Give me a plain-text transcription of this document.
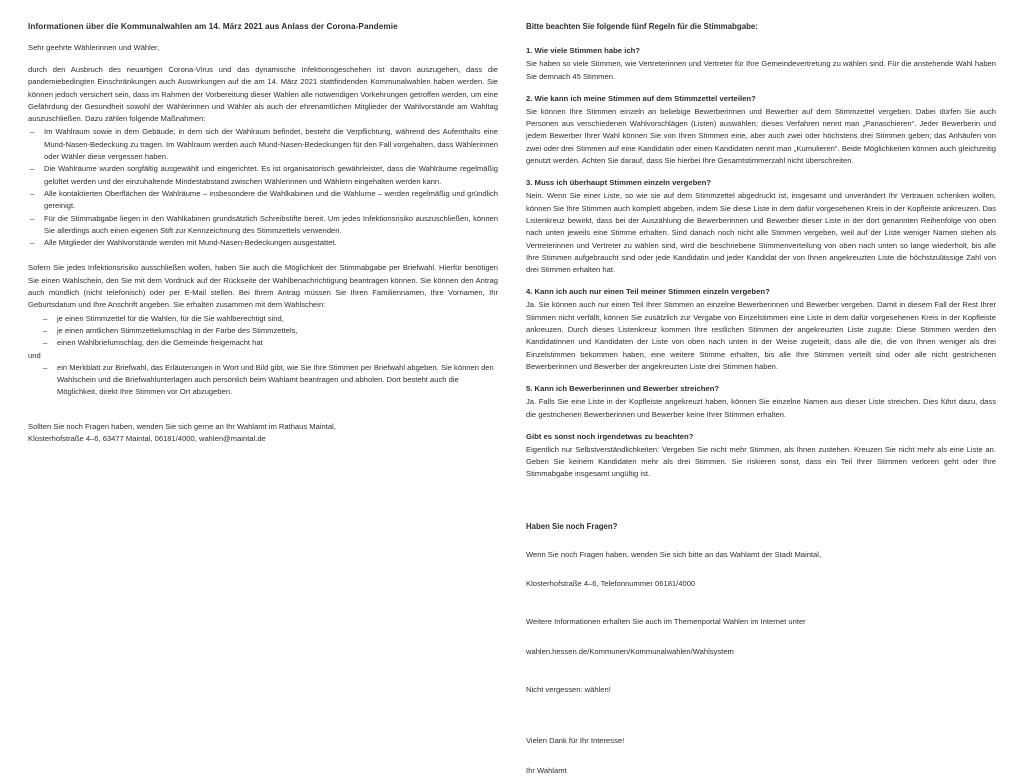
Informationen über die Kommunalwahlen am 14. März 2021 aus Anlass der Corona-Pandemie
Sehr geehrte Wählerinnen und Wähler,

durch den Ausbruch des neuartigen Corona-Virus und das dynamische Infektionsgeschehen ist davon auszugehen, dass die pandemiebedingten Einschränkungen auch Auswirkungen auf die am 14. März 2021 stattfindenden Kommunalwahlen haben werden. Sie können jedoch versichert sein, dass im Rahmen der Vorbereitung dieser Wahlen alle notwendigen Vorkehrungen getroffen werden, um eine Gefährdung der Gesundheit sowohl der Wählerinnen und Wähler als auch der ehrenamtlichen Mitglieder der Wahlvorstände am Wahltag auszuschließen. Dazu zählen folgende Maßnahmen:

– Im Wahlraum sowie in dem Gebäude, in dem sich der Wahlraum befindet, besteht die Verpflichtung, während des Aufenthalts eine Mund-Nasen-Bedeckung zu tragen. Im Wahlraum werden auch Mund-Nasen-Bedeckungen für den Fall vorgehalten, dass Wählerinnen oder Wähler diese vergessen haben.
– Die Wahlräume wurden sorgfältig ausgewählt und eingerichtet. Es ist organisatorisch gewährleistet, dass die Wahlräume regelmäßig gelüftet werden und der einzuhaltende Mindestabstand zwischen Wählerinnen und Wählern eingehalten werden kann.
– Alle kontaktierten Oberflächen der Wahlräume – insbesondere die Wahlkabinen und die Wahlurne – werden regelmäßig und gründlich gereinigt.
– Für die Stimmabgabe liegen in den Wahlkabinen grundsätzlich Schreibstifte bereit. Um jedes Infektionsrisiko auszuschließen, können Sie allerdings auch einen eigenen Stift zur Kennzeichnung des Stimmzettels verwenden.
– Alle Mitglieder der Wahlvorstände werden mit Mund-Nasen-Bedeckungen ausgestattet.

Sofern Sie jedes Infektionsrisiko ausschließen wollen, haben Sie auch die Möglichkeit der Stimmabgabe per Briefwahl. Hierfür benötigen Sie einen Wahlschein, den Sie mit dem Vordruck auf der Rückseite der Wahlbenachrichtigung beantragen können. Sie können den Antrag auch mündlich (nicht telefonisch) oder per E-Mail stellen. Bei Ihrem Antrag müssen Sie Ihren Familiennamen, Ihre Vornamen, Ihr Geburtsdatum und Ihre Anschrift angeben. Sie erhalten zusammen mit dem Wahlschein:

– je einen Stimmzettel für die Wahlen, für die Sie wahlberechtigt sind,
– je einen amtlichen Stimmzettelumschlag in der Farbe des Stimmzettels,
– einen Wahlbriefumschlag, den die Gemeinde freigemacht hat
und
– ein Merkblatt zur Briefwahl, das Erläuterungen in Wort und Bild gibt, wie Sie Ihre Stimmen per Briefwahl abgeben. Sie können den Wahlschein und die Briefwahlunterlagen auch persönlich beim Wahlamt beantragen und abholen. Dort besteht auch die Möglichkeit, direkt Ihre Stimmen vor Ort abzugeben.
Sollten Sie noch Fragen haben, wenden Sie sich gerne an Ihr Wahlamt im Rathaus Maintal,
Klosterhofstraße 4–6, 63477 Maintal, 06181/4000, wahlen@maintal.de
Bitte beachten Sie folgende fünf Regeln für die Stimmabgabe:
1. Wie viele Stimmen habe ich?

Sie haben so viele Stimmen, wie Vertreterinnen und Vertreter für Ihre Gemeindevertretung zu wählen sind. Für die anstehende Wahl haben Sie demnach 45 Stimmen.

2. Wie kann ich meine Stimmen auf dem Stimmzettel verteilen?

Sie können Ihre Stimmen einzeln an beliebige Bewerberinnen und Bewerber auf dem Stimmzettel vergeben. Dabei dürfen Sie auch Personen aus verschiedenen Wahlvorschlägen (Listen) auswählen; dieses Verfahren nennt man „Panaschieren“. Jeder Bewerberin und jedem Bewerber Ihrer Wahl können Sie von Ihren Stimmen eine, aber auch zwei oder höchstens drei Stimmen geben; das Anhäufen von zwei oder drei Stimmen auf eine Kandidatin oder einen Kandidaten nennt man „Kumulieren“. Beide Möglichkeiten können auch gleichzeitig genutzt werden. Achten Sie darauf, dass Sie hierbei Ihre Gesamtstimmerzahl nicht überschreiten.

3. Muss ich überhaupt Stimmen einzeln vergeben?

Nein. Wenn Sie einer Liste, so wie sie auf dem Stimmzettel abgedruckt ist, insgesamt und unverändert Ihr Vertrauen schenken wollen, können Sie Ihre Stimmen auch komplett abgeben, indem Sie diese Liste in dem dafür vorgesehenen Kreis in der Kopfleiste ankreuzen. Das Listenkreuz bewirkt, dass bei der Auszählung die Bewerberinnen und Bewerber dieser Liste in der dort genannten Reihenfolge von oben nach unten jeweils eine Stimme erhalten. Sind danach noch nicht alle Stimmen vergeben, weil auf der Liste weniger Namen stehen als Vertreterinnen und Vertreter zu wählen sind, wird die beschriebene Stimmenverteilung von oben nach unten so lange wiederholt, bis alle Ihre Stimmen aufgebraucht sind oder jede Kandidatin und jeder Kandidat der von Ihnen angekreuzten Liste die höchstzulässige Zahl von drei Stimmen erhalten hat.

4. Kann ich auch nur einen Teil meiner Stimmen einzeln vergeben?

Ja. Sie können auch nur einen Teil Ihrer Stimmen an einzelne Bewerberinnen und Bewerber vergeben. Damit in diesem Fall der Rest Ihrer Stimmen nicht verfällt, können Sie zusätzlich zur Vergabe von Einzelstimmen eine Liste in dem dafür vorgesehenen Kreis in der Kopfleiste ankreuzen. Durch dieses Listenkreuz kommen Ihre restlichen Stimmen der angekreuzten Liste zugute: Diese Stimmen werden den Kandidatinnen und Kandidaten der Liste von oben nach unten in der Weise zugeteilt, dass alle die, die von Ihnen weniger als drei Einzelstimmen bekommen haben, eine weitere Stimme erhalten, bis alle Ihre Stimmen verteilt sind oder alle nicht gestrichenen Bewerberinnen und Bewerber der angekreuzten Liste drei Stimmen haben.

5. Kann ich Bewerberinnen und Bewerber streichen?

Ja. Falls Sie eine Liste in der Kopfleiste angekreuzt haben, können Sie einzelne Namen aus dieser Liste streichen. Dies führt dazu, dass die gestrichenen Bewerberinnen und Bewerber keine Ihrer Stimmen erhalten.

Gibt es sonst noch irgendetwas zu beachten?

Eigentlich nur Selbstverständlichkeiten: Vergeben Sie nicht mehr Stimmen, als Ihnen zustehen. Kreuzen Sie nicht mehr als eine Liste an. Geben Sie keinem Kandidaten mehr als drei Stimmen. Sie riskieren sonst, dass ein Teil Ihrer Stimmen verloren geht oder Ihre Stimmabgabe insgesamt ungültig ist.

Haben Sie noch Fragen?
Wenn Sie noch Fragen haben, wenden Sie sich bitte an das Wahlamt der Stadt Maintal,
Klosterhofstraße 4–6, Telefonnummer 06181/4000
Weitere Informationen erhalten Sie auch im Themenportal Wahlen im Internet unter
wahlen.hessen.de/Kommunen/Kommunalwahlen/Wahlsystem
Nicht vergessen: wählen!
Vielen Dank für Ihr Interesse!
Ihr Wahlamt
